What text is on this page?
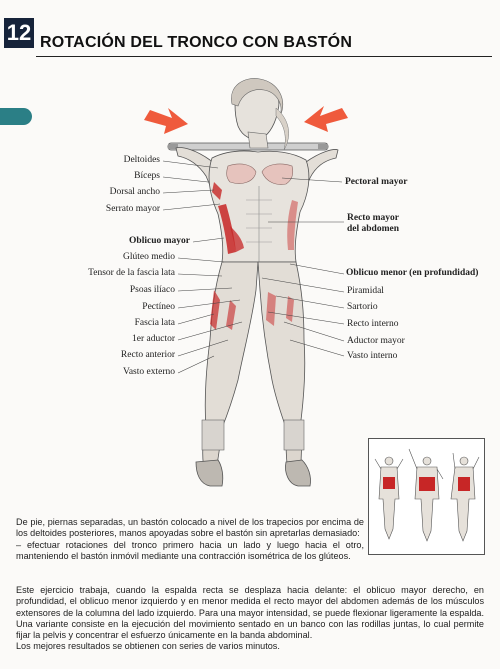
12 ROTACIÓN DEL TRONCO CON BASTÓN
Deltoides
Bíceps
Dorsal ancho
Serrato mayor
Oblicuo mayor
Glúteo medio
Tensor de la fascia lata
Psoas ilíaco
Pectíneo
Fascia lata
1er aductor
Recto anterior
Vasto externo
Pectoral mayor
Recto mayor
del abdomen
Oblicuo menor (en profundidad)
Piramidal
Sartorio
Recto interno
Aductor mayor
Vasto interno

De pie, piernas separadas, un bastón colocado a nivel de los trapecios por encima de los deltoides posteriores, manos apoyadas sobre el bastón sin apretarlas demasiado:

– efectuar rotaciones del tronco primero hacia un lado y luego hacia el otro, manteniendo el bastón inmóvil mediante una contracción isométrica de los glúteos.

Este ejercicio trabaja, cuando la espalda recta se desplaza hacia delante: el oblicuo mayor derecho, en profundidad, el oblicuo menor izquierdo y en menor medida el recto mayor del abdomen además de los músculos extensores de la columna del lado izquierdo. Para una mayor intensidad, se puede flexionar ligeramente la espalda. Una variante consiste en la ejecución del movimiento sentado en un banco con las rodillas juntas, lo cual permite fijar la pelvis y concentrar el esfuerzo únicamente en la banda abdominal.

Los mejores resultados se obtienen con series de varios minutos.
